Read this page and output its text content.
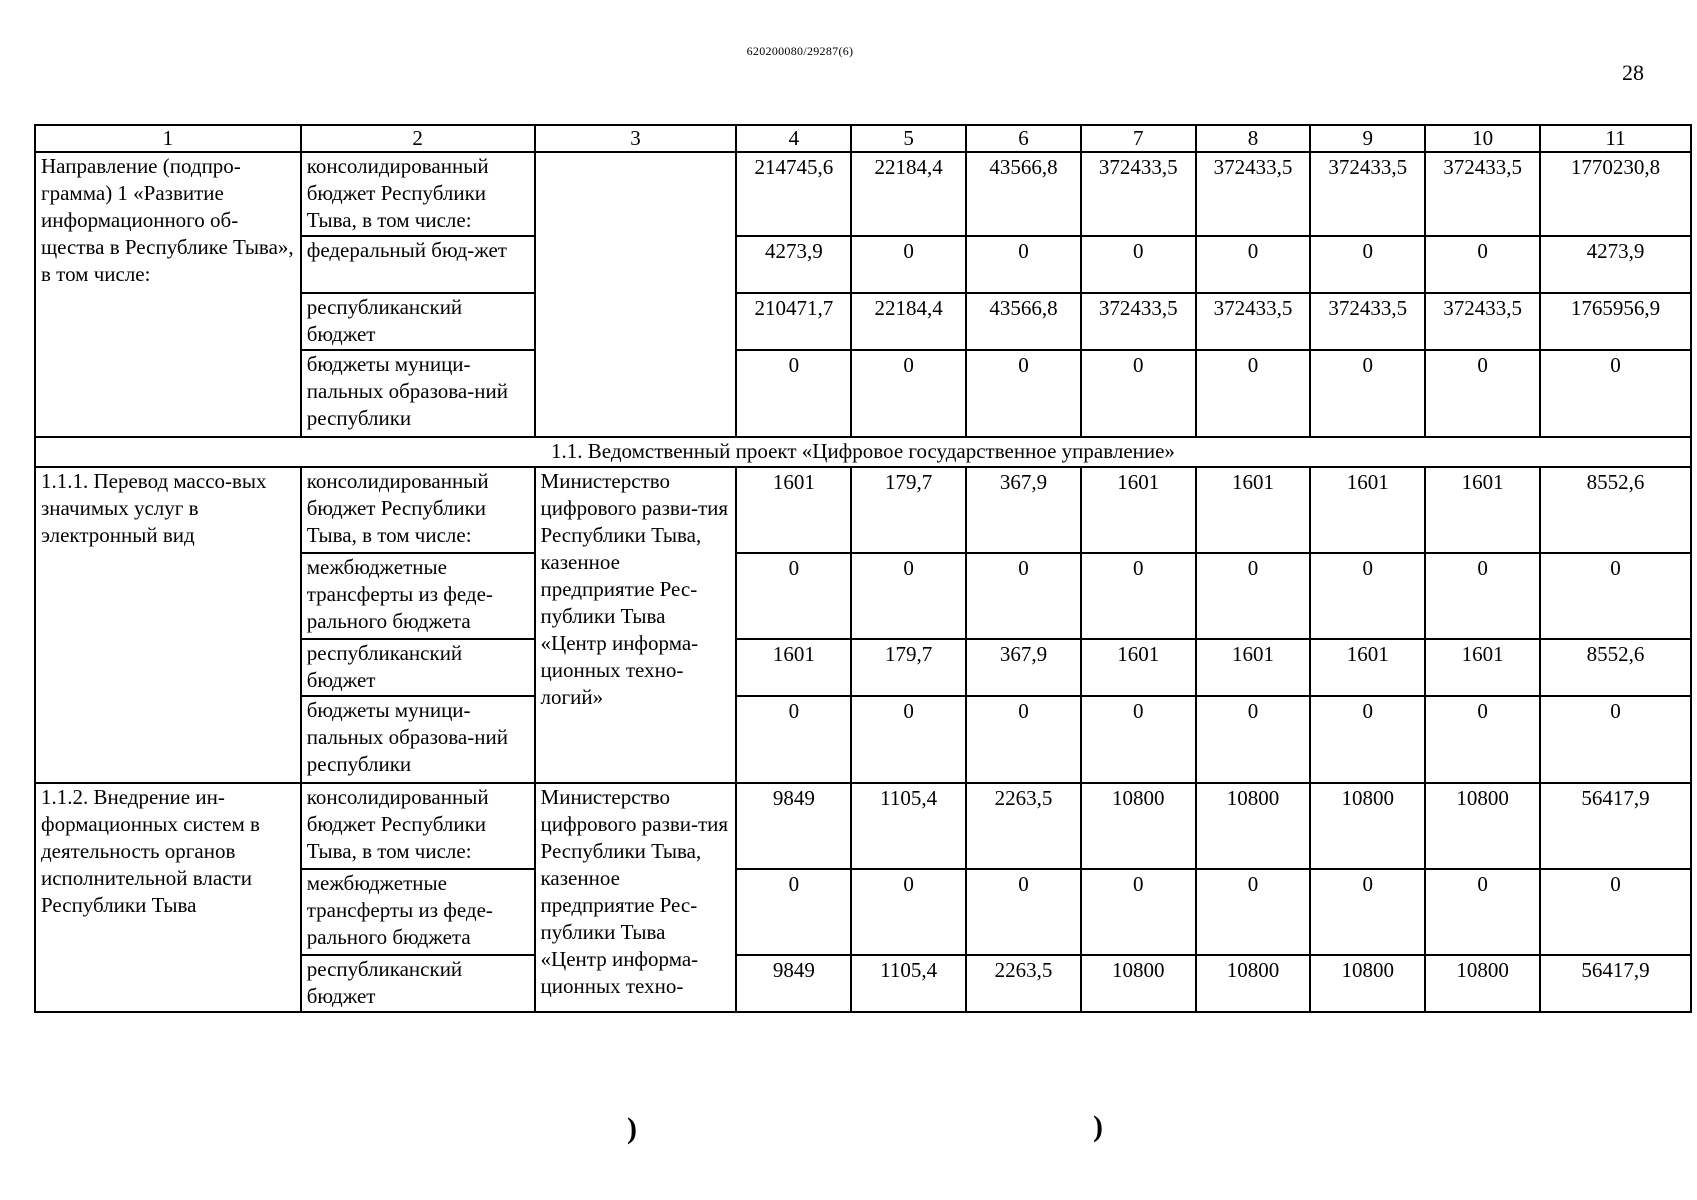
620200080/29287(6)
28
1	2	3	4	5	6	7	8	9	10	11
Направление (подпро-грамма) 1 «Развитие информационного об-щества в Республике Тыва», в том числе:	консолидированный бюджет Республики Тыва, в том числе:		214745,6	22184,4	43566,8	372433,5	372433,5	372433,5	372433,5	1770230,8
	федеральный бюд-жет		4273,9	0	0	0	0	0	0	4273,9
	республиканский бюджет		210471,7	22184,4	43566,8	372433,5	372433,5	372433,5	372433,5	1765956,9
	бюджеты муници-пальных образова-ний республики		0	0	0	0	0	0	0	0
1.1. Ведомственный проект «Цифровое государственное управление»										
1.1.1. Перевод массо-вых значимых услуг в электронный вид	консолидированный бюджет Республики Тыва, в том числе:	Министерство цифрового разви-тия Республики Тыва, казенное предприятие Рес-публики Тыва «Центр информа-ционных техно-логий»	1601	179,7	367,9	1601	1601	1601	1601	8552,6
	межбюджетные трансферты из феде-рального бюджета		0	0	0	0	0	0	0	0
	республиканский бюджет		1601	179,7	367,9	1601	1601	1601	1601	8552,6
	бюджеты муници-пальных образова-ний республики		0	0	0	0	0	0	0	0
1.1.2. Внедрение ин-формационных систем в деятельность органов исполнительной власти Республики Тыва	консолидированный бюджет Республики Тыва, в том числе:	Министерство цифрового разви-тия Республики Тыва, казенное предприятие Рес-публики Тыва «Центр информа-ционных техно-	9849	1105,4	2263,5	10800	10800	10800	10800	56417,9
	межбюджетные трансферты из феде-рального бюджета		0	0	0	0	0	0	0	0
	республиканский бюджет		9849	1105,4	2263,5	10800	10800	10800	10800	56417,9
)	)
